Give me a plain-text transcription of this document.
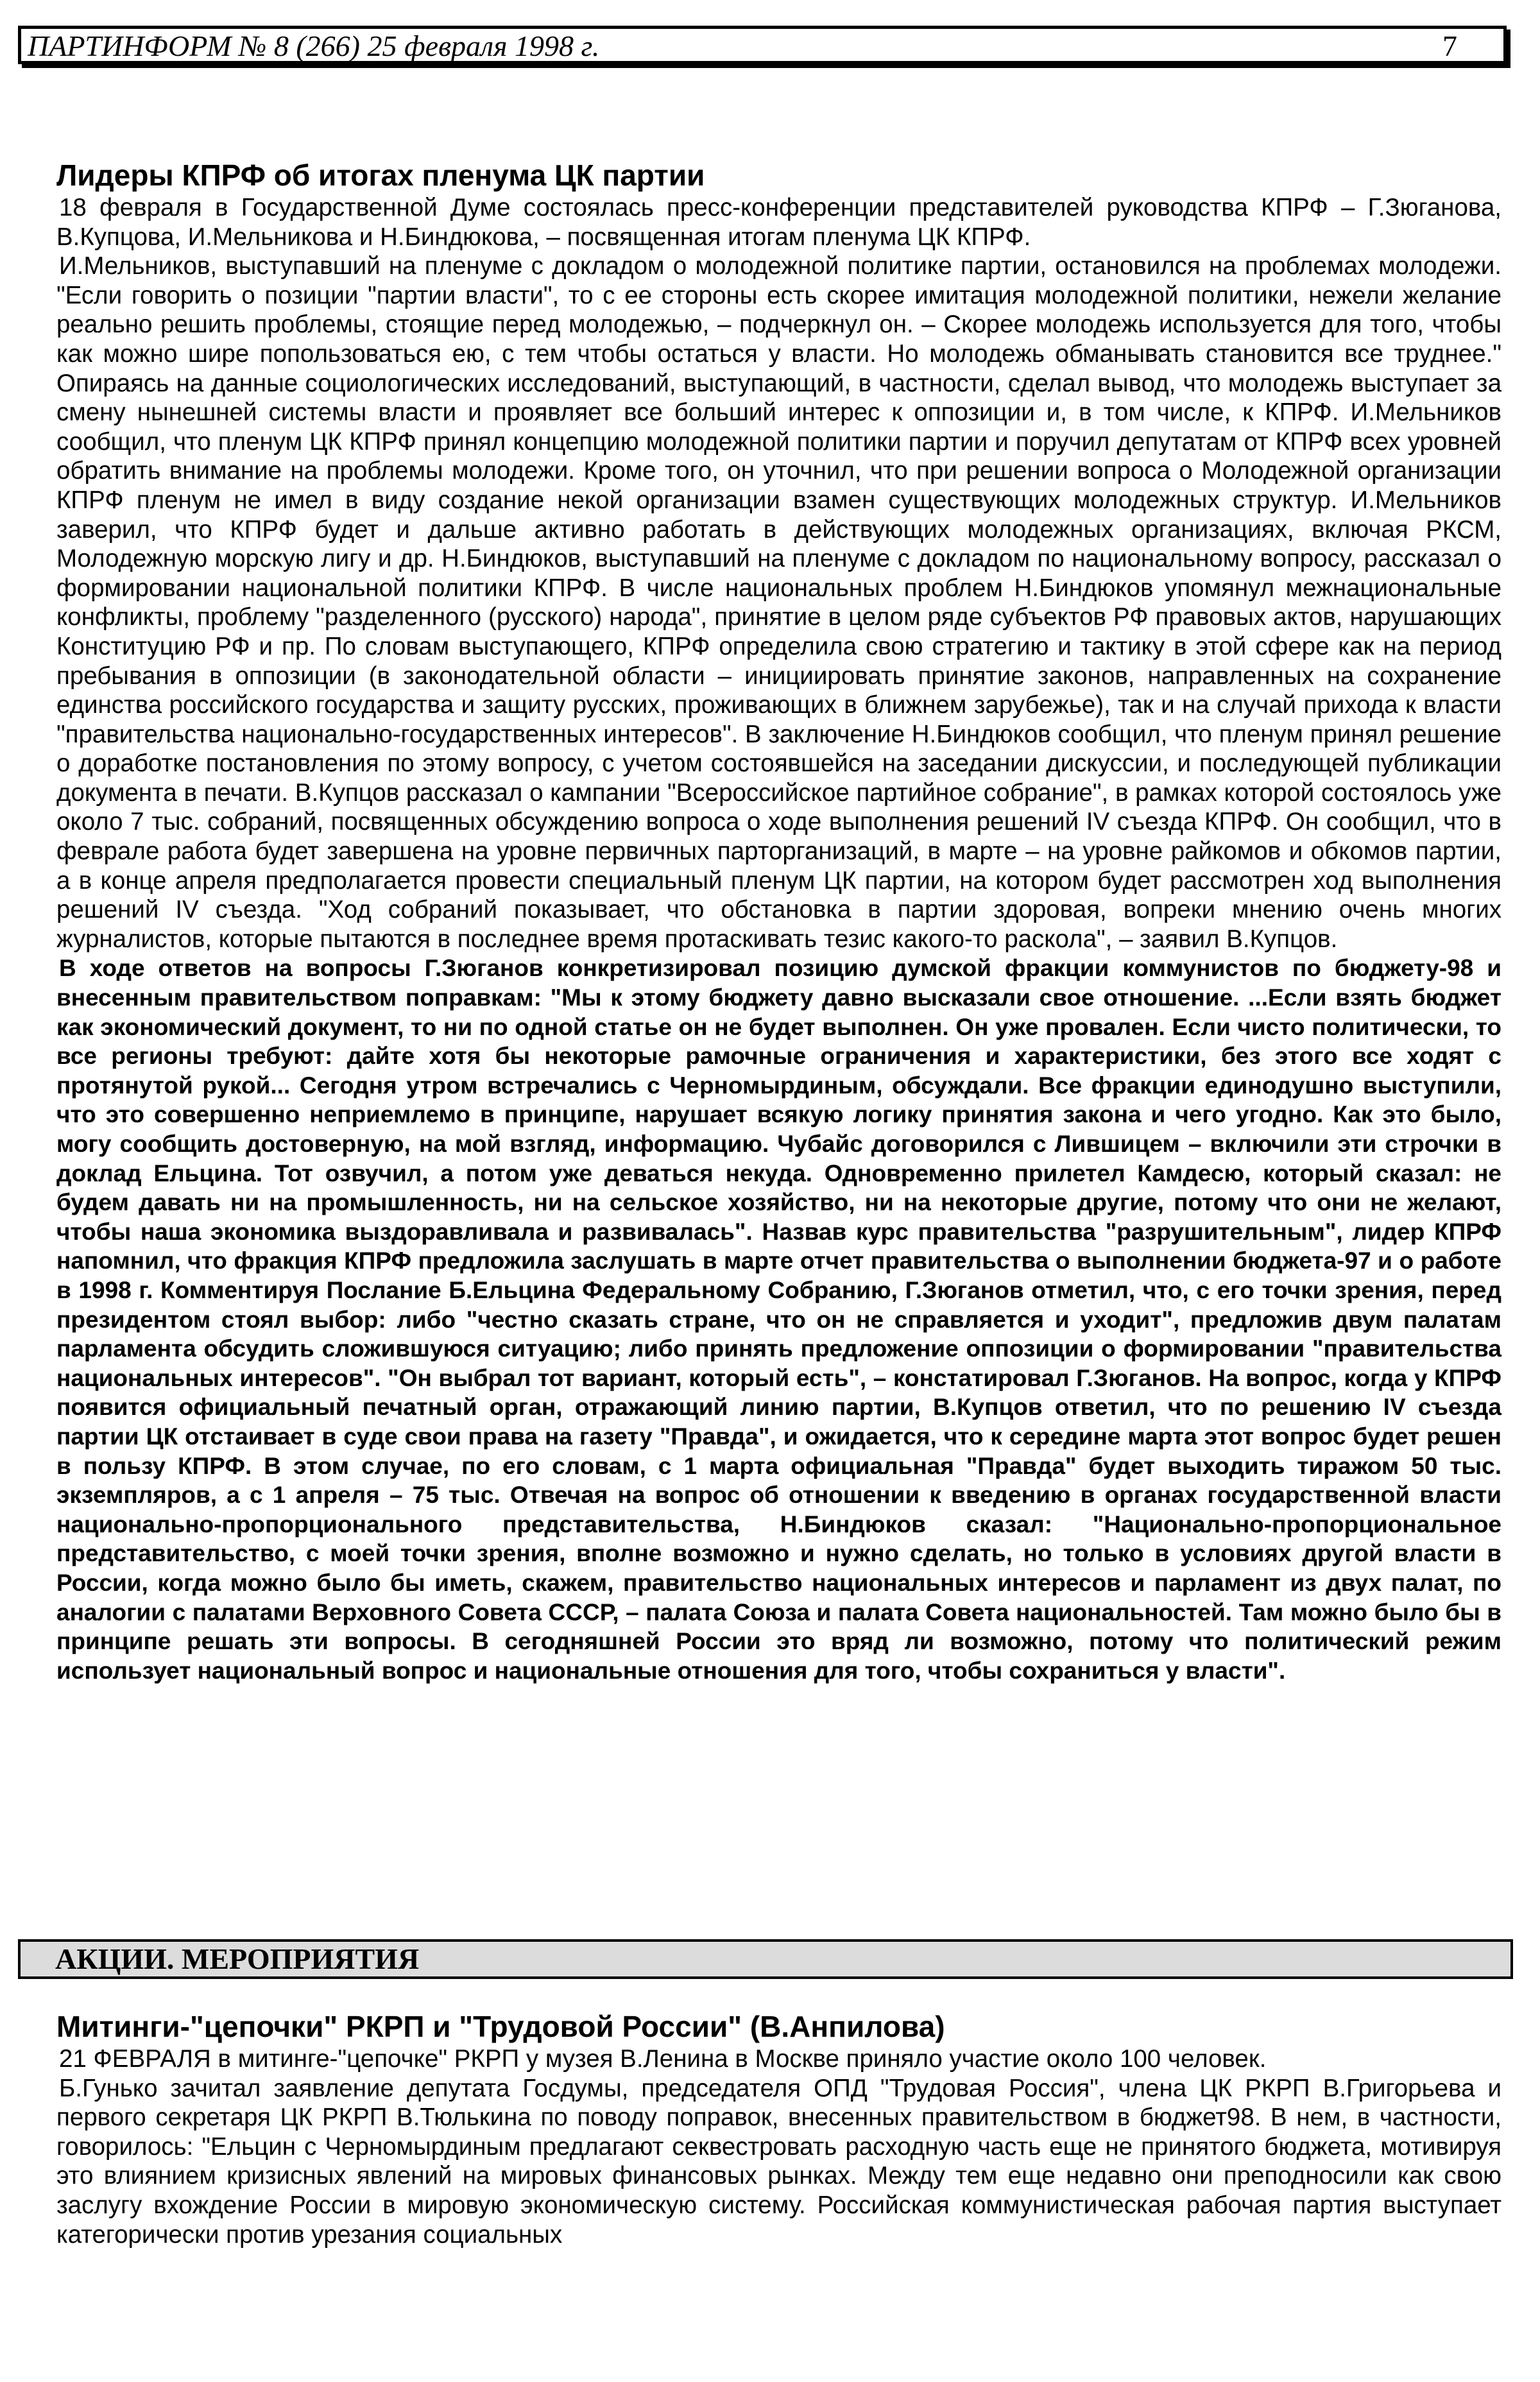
ПАРТИНФОРМ № 8 (266) 25 февраля 1998 г.	7
Лидеры КПРФ об итогах пленума ЦК партии

18 февраля в Государственной Думе состоялась пресс-конференции представителей руководства КПРФ – Г.Зюганова, В.Купцова, И.Мельникова и Н.Биндюкова, – посвященная итогам пленума ЦК КПРФ.

И.Мельников, выступавший на пленуме с докладом о молодежной политике партии, остановился на проблемах молодежи. "Если говорить о позиции "партии власти", то с ее стороны есть скорее имитация молодежной политики, нежели желание реально решить проблемы, стоящие перед молодежью, – подчеркнул он. – Скорее молодежь используется для того, чтобы как можно шире попользоваться ею, с тем чтобы остаться у власти. Но молодежь обманывать становится все труднее." Опираясь на данные социологических исследований, выступающий, в частности, сделал вывод, что молодежь выступает за смену нынешней системы власти и проявляет все больший интерес к оппозиции и, в том числе, к КПРФ. И.Мельников сообщил, что пленум ЦК КПРФ принял концепцию молодежной политики партии и поручил депутатам от КПРФ всех уровней обратить внимание на проблемы молодежи. Кроме того, он уточнил, что при решении вопроса о Молодежной организации КПРФ пленум не имел в виду создание некой организации взамен существующих молодежных структур. И.Мельников заверил, что КПРФ будет и дальше активно работать в действующих молодежных организациях, включая РКСМ, Молодежную морскую лигу и др. Н.Биндюков, выступавший на пленуме с докладом по национальному вопросу, рассказал о формировании национальной политики КПРФ. В числе национальных проблем Н.Биндюков упомянул межнациональные конфликты, проблему "разделенного (русского) народа", принятие в целом ряде субъектов РФ правовых актов, нарушающих Конституцию РФ и пр. По словам выступающего, КПРФ определила свою стратегию и тактику в этой сфере как на период пребывания в оппозиции (в законодательной области – инициировать принятие законов, направленных на сохранение единства российского государства и защиту русских, проживающих в ближнем зарубежье), так и на случай прихода к власти "правительства национально-государственных интересов". В заключение Н.Биндюков сообщил, что пленум принял решение о доработке постановления по этому вопросу, с учетом состоявшейся на заседании дискуссии, и последующей публикации документа в печати. В.Купцов рассказал о кампании "Всероссийское партийное собрание", в рамках которой состоялось уже около 7 тыс. собраний, посвященных обсуждению вопроса о ходе выполнения решений IV съезда КПРФ. Он сообщил, что в феврале работа будет завершена на уровне первичных парторганизаций, в марте – на уровне райкомов и обкомов партии, а в конце апреля предполагается провести специальный пленум ЦК партии, на котором будет рассмотрен ход выполнения решений IV съезда. "Ход собраний показывает, что обстановка в партии здоровая, вопреки мнению очень многих журналистов, которые пытаются в последнее время протаскивать тезис какого-то раскола", – заявил В.Купцов.

В ходе ответов на вопросы Г.Зюганов конкретизировал позицию думской фракции коммунистов по бюджету-98 и внесенным правительством поправкам: "Мы к этому бюджету давно высказали свое отношение. ...Если взять бюджет как экономический документ, то ни по одной статье он не будет выполнен. Он уже провален. Если чисто политически, то все регионы требуют: дайте хотя бы некоторые рамочные ограничения и характеристики, без этого все ходят с протянутой рукой... Сегодня утром встречались с Черномырдиным, обсуждали. Все фракции единодушно выступили, что это совершенно неприемлемо в принципе, нарушает всякую логику принятия закона и чего угодно. Как это было, могу сообщить достоверную, на мой взгляд, информацию. Чубайс договорился с Лившицем – включили эти строчки в доклад Ельцина. Тот озвучил, а потом уже деваться некуда. Одновременно прилетел Камдесю, который сказал: не будем давать ни на промышленность, ни на сельское хозяйство, ни на некоторые другие, потому что они не желают, чтобы наша экономика выздоравливала и развивалась". Назвав курс правительства "разрушительным", лидер КПРФ напомнил, что фракция КПРФ предложила заслушать в марте отчет правительства о выполнении бюджета-97 и о работе в 1998 г. Комментируя Послание Б.Ельцина Федеральному Собранию, Г.Зюганов отметил, что, с его точки зрения, перед президентом стоял выбор: либо "честно сказать стране, что он не справляется и уходит", предложив двум палатам парламента обсудить сложившуюся ситуацию; либо принять предложение оппозиции о формировании "правительства национальных интересов". "Он выбрал тот вариант, который есть", – констатировал Г.Зюганов. На вопрос, когда у КПРФ появится официальный печатный орган, отражающий линию партии, В.Купцов ответил, что по решению IV съезда партии ЦК отстаивает в суде свои права на газету "Правда", и ожидается, что к середине марта этот вопрос будет решен в пользу КПРФ. В этом случае, по его словам, с 1 марта официальная "Правда" будет выходить тиражом 50 тыс. экземпляров, а с 1 апреля – 75 тыс. Отвечая на вопрос об отношении к введению в органах государственной власти национально-пропорционального представительства, Н.Биндюков сказал: "Национально-пропорциональное представительство, с моей точки зрения, вполне возможно и нужно сделать, но только в условиях другой власти в России, когда можно было бы иметь, скажем, правительство национальных интересов и парламент из двух палат, по аналогии с палатами Верховного Совета СССР, – палата Союза и палата Совета национальностей. Там можно было бы в принципе решать эти вопросы. В сегодняшней России это вряд ли возможно, потому что политический режим использует национальный вопрос и национальные отношения для того, чтобы сохраниться у власти".

АКЦИИ. МЕРОПРИЯТИЯ
Митинги-"цепочки" РКРП и "Трудовой России" (В.Анпилова)

21 ФЕВРАЛЯ в митинге-"цепочке" РКРП у музея В.Ленина в Москве приняло участие около 100 человек.

Б.Гунько зачитал заявление депутата Госдумы, председателя ОПД "Трудовая Россия", члена ЦК РКРП В.Григорьева и первого секретаря ЦК РКРП В.Тюлькина по поводу поправок, внесенных правительством в бюджет98. В нем, в частности, говорилось: "Ельцин с Черномырдиным предлагают секвестровать расходную часть еще не принятого бюджета, мотивируя это влиянием кризисных явлений на мировых финансовых рынках. Между тем еще недавно они преподносили как свою заслугу вхождение России в мировую экономическую систему. Российская коммунистическая рабочая партия выступает категорически против урезания социальных
